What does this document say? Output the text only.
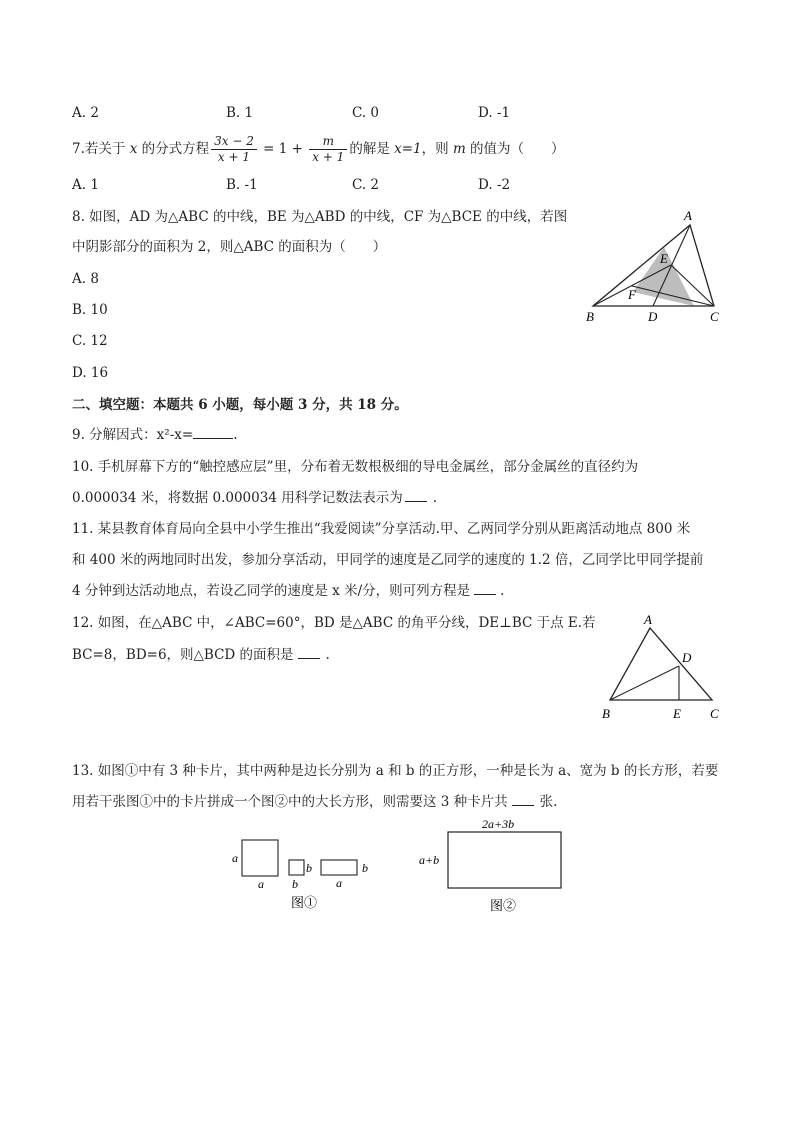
A. 2	B. 1	C. 0	D. -1
7.若关于 x 的分式方程 $\frac{3x - 2}{x + 1} = 1 + \frac{m}{x + 1}$ 的解是 x=1，则 m 的值为（　　）
A. 1	B. -1	C. 2	D. -2
8. 如图，AD 为△ABC 的中线，BE 为△ABD 的中线，CF 为△BCE 的中线，若图
中阴影部分的面积为 2，则△ABC 的面积为（　　）
A. 8
B. 10
C. 12
D. 16
A
B	C
D
E
F
二、填空题：本题共 6 小题，每小题 3 分，共 18 分。
9. 分解因式：x²-x=	.
10. 手机屏幕下方的“触控感应层”里，分布着无数根极细的导电金属丝，部分金属丝的直径约为
0.000034 米，将数据 0.000034 用科学记数法表示为 .
11. 某县教育体育局向全县中小学生推出“我爱阅读”分享活动.甲、乙两同学分别从距离活动地点 800 米
和 400 米的两地同时出发，参加分享活动，甲同学的速度是乙同学的速度的 1.2 倍，乙同学比甲同学提前
4 分钟到达活动地点，若设乙同学的速度是 x 米/分，则可列方程是 .
12. 如图，在△ABC 中，∠ABC=60°，BD 是△ABC 的角平分线，DE⊥BC 于点 E.若
BC=8，BD=6，则△BCD 的面积是 .
A
B	C
D
E
13. 如图①中有 3 种卡片，其中两种是边长分别为 a 和 b 的正方形，一种是长为 a、宽为 b 的长方形，若要
用若干张图①中的卡片拼成一个图②中的大长方形，则需要这 3 种卡片共 张.
a
a
b
b
b
a
图①
2a+3b
a+b
图②
